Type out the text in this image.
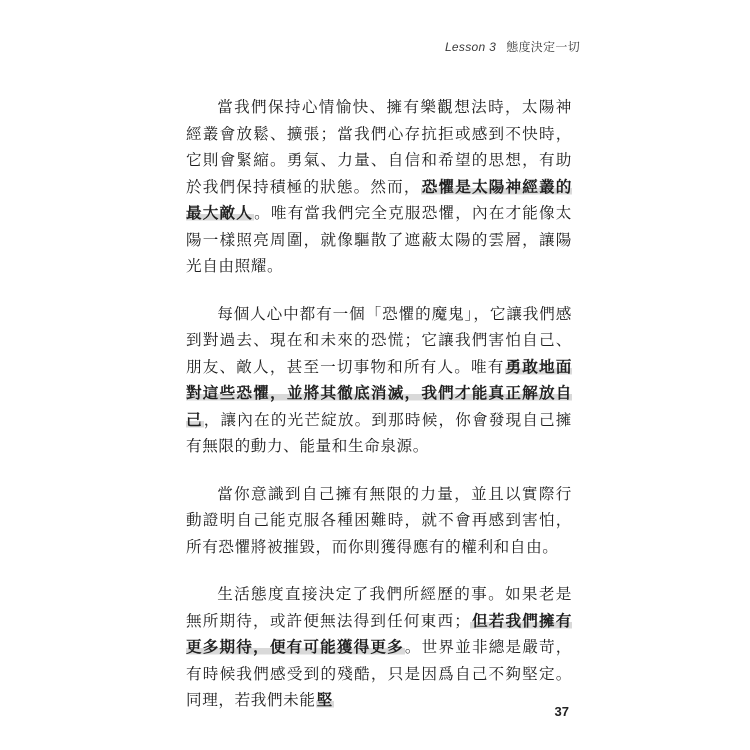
Lesson 3 態度決定一切

當我們保持心情愉快、擁有樂觀想法時，太陽神經叢會放鬆、擴張；當我們心存抗拒或感到不快時，它則會緊縮。勇氣、力量、自信和希望的思想，有助於我們保持積極的狀態。然而，恐懼是太陽神經叢的最大敵人。唯有當我們完全克服恐懼，內在才能像太陽一樣照亮周圍，就像驅散了遮蔽太陽的雲層，讓陽光自由照耀。

每個人心中都有一個「恐懼的魔鬼」，它讓我們感到對過去、現在和未來的恐慌；它讓我們害怕自己、朋友、敵人，甚至一切事物和所有人。唯有勇敢地面對這些恐懼，並將其徹底消滅，我們才能真正解放自己，讓內在的光芒綻放。到那時候，你會發現自己擁有無限的動力、能量和生命泉源。

當你意識到自己擁有無限的力量，並且以實際行動證明自己能克服各種困難時，就不會再感到害怕，所有恐懼將被摧毀，而你則獲得應有的權利和自由。

生活態度直接決定了我們所經歷的事。如果老是無所期待，或許便無法得到任何東西；但若我們擁有更多期待，便有可能獲得更多。世界並非總是嚴苛，有時候我們感受到的殘酷，只是因爲自己不夠堅定。同理，若我們未能堅

37
